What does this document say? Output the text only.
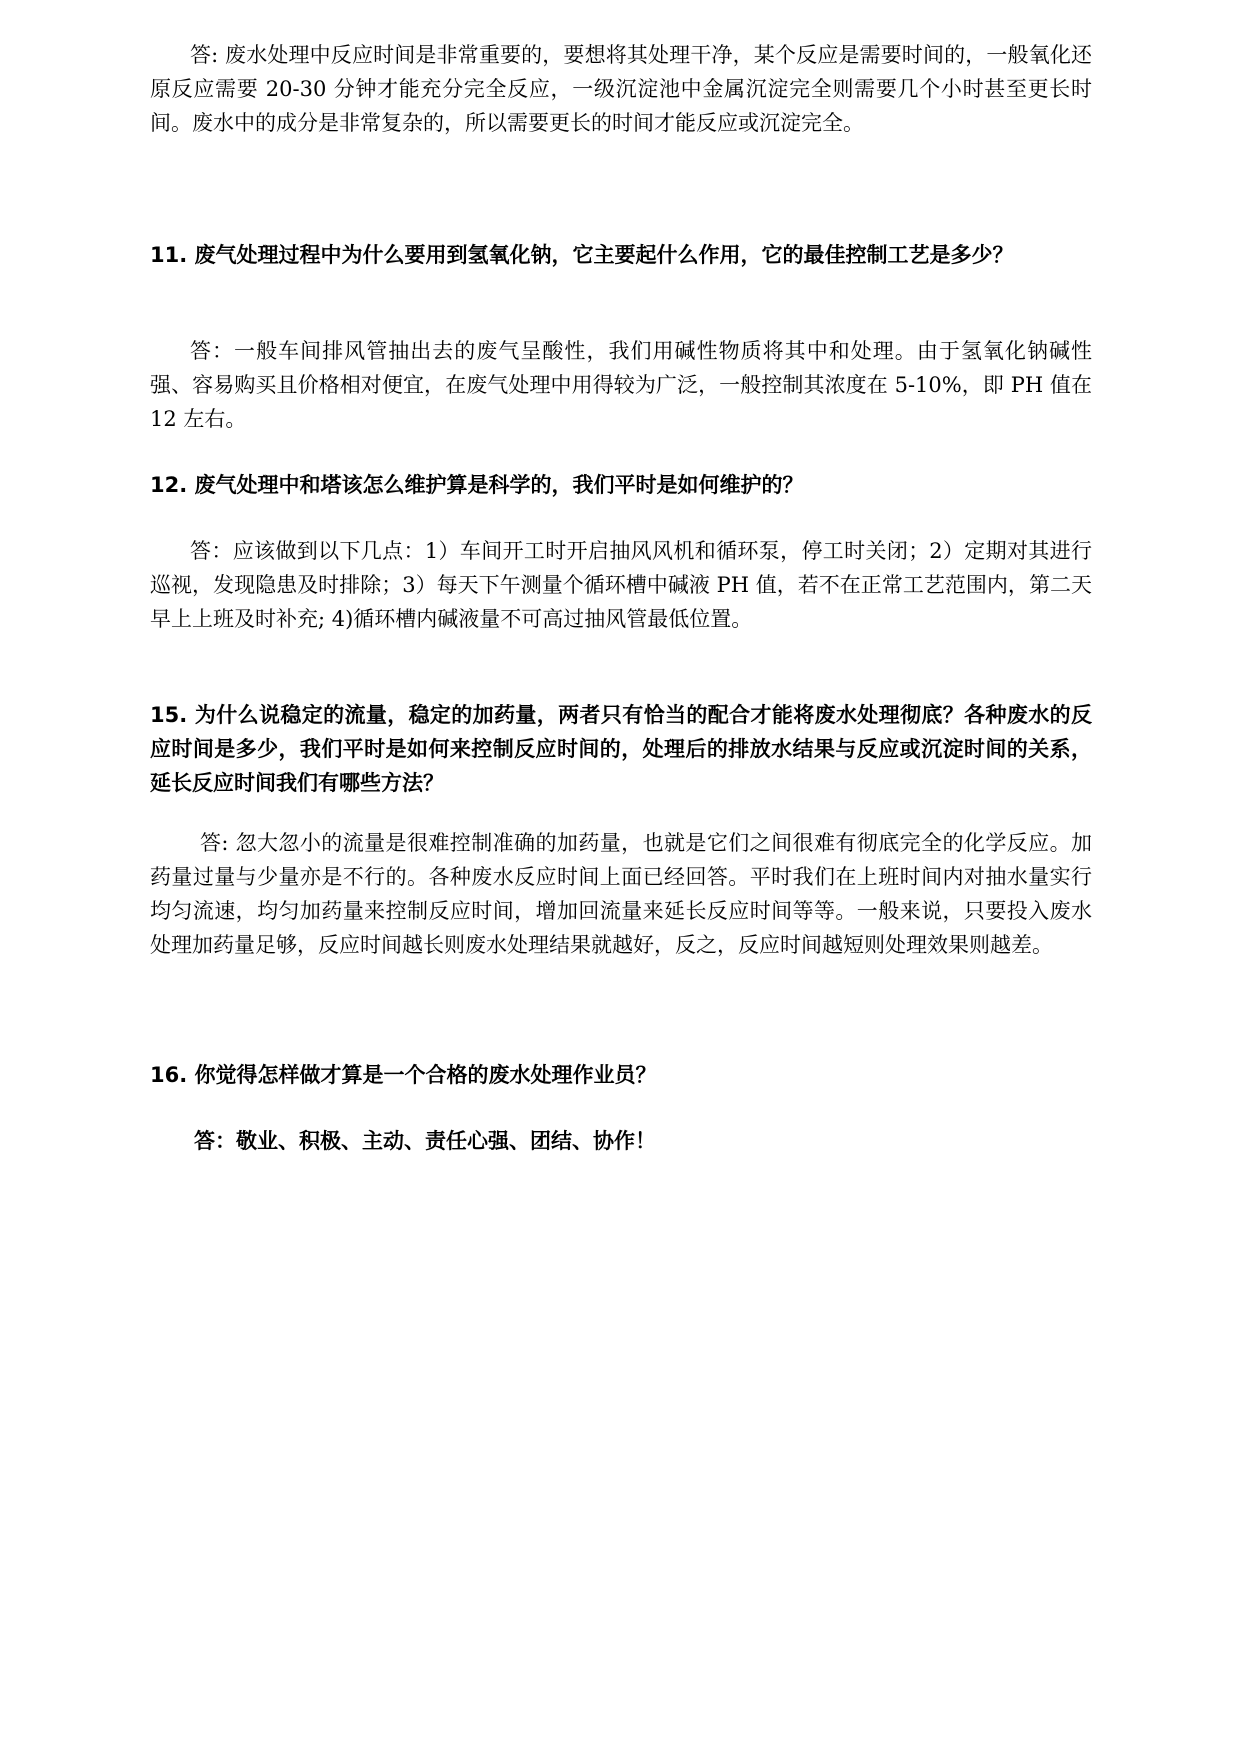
答: 废水处理中反应时间是非常重要的，要想将其处理干净，某个反应是需要时间的，一般氧化还原反应需要 20-30 分钟才能充分完全反应，一级沉淀池中金属沉淀完全则需要几个小时甚至更长时间。废水中的成分是非常复杂的，所以需要更长的时间才能反应或沉淀完全。

11. 废气处理过程中为什么要用到氢氧化钠，它主要起什么作用，它的最佳控制工艺是多少？

答：一般车间排风管抽出去的废气呈酸性，我们用碱性物质将其中和处理。由于氢氧化钠碱性强、容易购买且价格相对便宜，在废气处理中用得较为广泛，一般控制其浓度在 5-10%，即 PH 值在 12 左右。

12. 废气处理中和塔该怎么维护算是科学的，我们平时是如何维护的？

答：应该做到以下几点：1）车间开工时开启抽风风机和循环泵，停工时关闭；2）定期对其进行巡视，发现隐患及时排除；3）每天下午测量个循环槽中碱液 PH 值，若不在正常工艺范围内，第二天早上上班及时补充; 4)循环槽内碱液量不可高过抽风管最低位置。

15. 为什么说稳定的流量，稳定的加药量，两者只有恰当的配合才能将废水处理彻底？各种废水的反应时间是多少，我们平时是如何来控制反应时间的，处理后的排放水结果与反应或沉淀时间的关系，延长反应时间我们有哪些方法？

答: 忽大忽小的流量是很难控制准确的加药量，也就是它们之间很难有彻底完全的化学反应。加药量过量与少量亦是不行的。各种废水反应时间上面已经回答。平时我们在上班时间内对抽水量实行均匀流速，均匀加药量来控制反应时间，增加回流量来延长反应时间等等。一般来说，只要投入废水处理加药量足够，反应时间越长则废水处理结果就越好，反之，反应时间越短则处理效果则越差。

16. 你觉得怎样做才算是一个合格的废水处理作业员？

答：敬业、积极、主动、责任心强、团结、协作！
